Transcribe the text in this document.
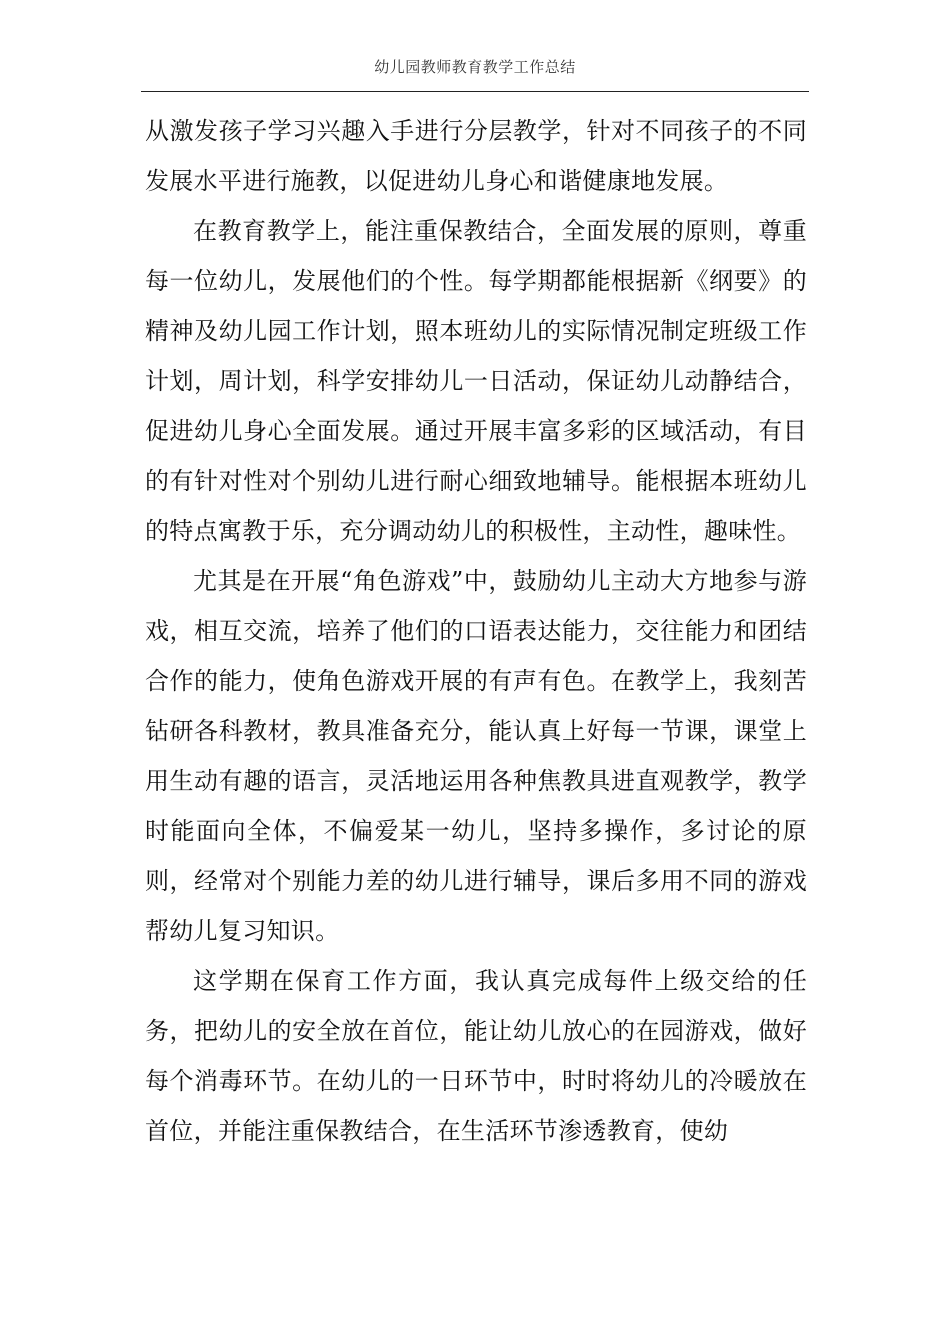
幼儿园教师教育教学工作总结

从激发孩子学习兴趣入手进行分层教学，针对不同孩子的不同发展水平进行施教，以促进幼儿身心和谐健康地发展。

在教育教学上，能注重保教结合，全面发展的原则，尊重每一位幼儿，发展他们的个性。每学期都能根据新《纲要》的精神及幼儿园工作计划，照本班幼儿的实际情况制定班级工作计划，周计划，科学安排幼儿一日活动，保证幼儿动静结合，促进幼儿身心全面发展。通过开展丰富多彩的区域活动，有目的有针对性对个别幼儿进行耐心细致地辅导。能根据本班幼儿的特点寓教于乐，充分调动幼儿的积极性，主动性，趣味性。

尤其是在开展“角色游戏”中，鼓励幼儿主动大方地参与游戏，相互交流，培养了他们的口语表达能力，交往能力和团结合作的能力，使角色游戏开展的有声有色。在教学上，我刻苦钻研各科教材，教具准备充分，能认真上好每一节课，课堂上用生动有趣的语言，灵活地运用各种焦教具进直观教学，教学时能面向全体，不偏爱某一幼儿，坚持多操作，多讨论的原则，经常对个别能力差的幼儿进行辅导，课后多用不同的游戏帮幼儿复习知识。

这学期在保育工作方面，我认真完成每件上级交给的任务，把幼儿的安全放在首位，能让幼儿放心的在园游戏，做好每个消毒环节。在幼儿的一日环节中，时时将幼儿的冷暖放在首位，并能注重保教结合，在生活环节渗透教育，使幼
